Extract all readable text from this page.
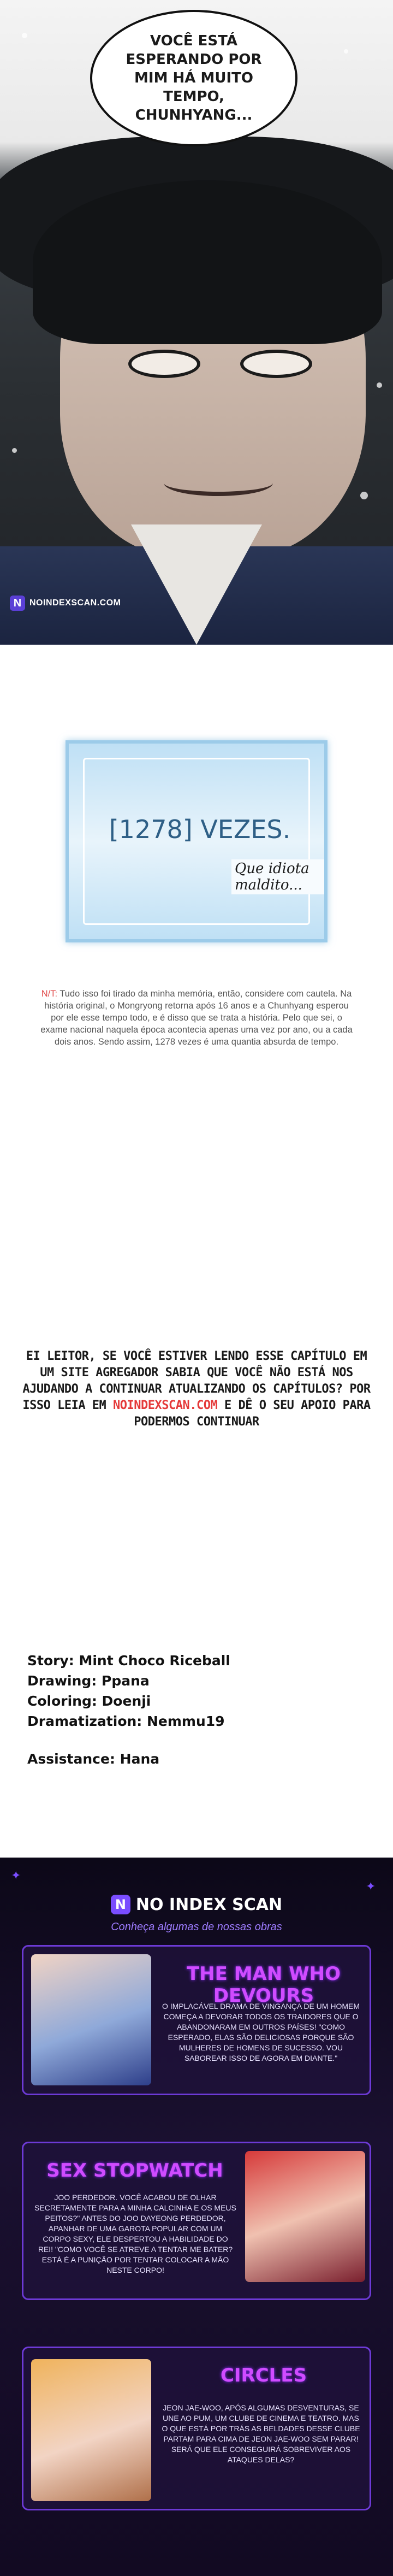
VOCÊ ESTÁ ESPERANDO POR MIM HÁ MUITO TEMPO, CHUNHYANG...
N NOINDEXSCAN.COM
[1278] VEZES.
Que idiota maldito...
N/T: Tudo isso foi tirado da minha memória, então, considere com cautela. Na história original, o Mongryong retorna após 16 anos e a Chunhyang esperou por ele esse tempo todo, e é disso que se trata a história. Pelo que sei, o exame nacional naquela época acontecia apenas uma vez por ano, ou a cada dois anos. Sendo assim, 1278 vezes é uma quantia absurda de tempo.
EI LEITOR, SE VOCÊ ESTIVER LENDO ESSE CAPÍTULO EM UM SITE AGREGADOR SABIA QUE VOCÊ NÃO ESTÁ NOS AJUDANDO A CONTINUAR ATUALIZANDO OS CAPÍTULOS? POR ISSO LEIA EM NOINDEXSCAN.COM E DÊ O SEU APOIO PARA PODERMOS CONTINUAR
Story: Mint Choco Riceball
Drawing: Ppana
Coloring: Doenji
Dramatization: Nemmu19
Assistance: Hana
✦
✦
N NO INDEX SCAN
Conheça algumas de nossas obras
THE MAN WHO DEVOURS
O IMPLACÁVEL DRAMA DE VINGANÇA DE UM HOMEM COMEÇA A DEVORAR TODOS OS TRAIDORES QUE O ABANDONARAM EM OUTROS PAÍSES! "COMO ESPERADO, ELAS SÃO DELICIOSAS PORQUE SÃO MULHERES DE HOMENS DE SUCESSO. VOU SABOREAR ISSO DE AGORA EM DIANTE."
SEX STOPWATCH
JOO PERDEDOR. VOCÊ ACABOU DE OLHAR SECRETAMENTE PARA A MINHA CALCINHA E OS MEUS PEITOS?" ANTES DO JOO DAYEONG PERDEDOR, APANHAR DE UMA GAROTA POPULAR COM UM CORPO SEXY, ELE DESPERTOU A HABILIDADE DO REI! "COMO VOCÊ SE ATREVE A TENTAR ME BATER? ESTÁ É A PUNIÇÃO POR TENTAR COLOCAR A MÃO NESTE CORPO!
CIRCLES
JEON JAE-WOO, APÓS ALGUMAS DESVENTURAS, SE UNE AO PUM, UM CLUBE DE CINEMA E TEATRO. MAS O QUE ESTÁ POR TRÁS AS BELDADES DESSE CLUBE PARTAM PARA CIMA DE JEON JAE-WOO SEM PARAR! SERÁ QUE ELE CONSEGUIRÁ SOBREVIVER AOS ATAQUES DELAS?
